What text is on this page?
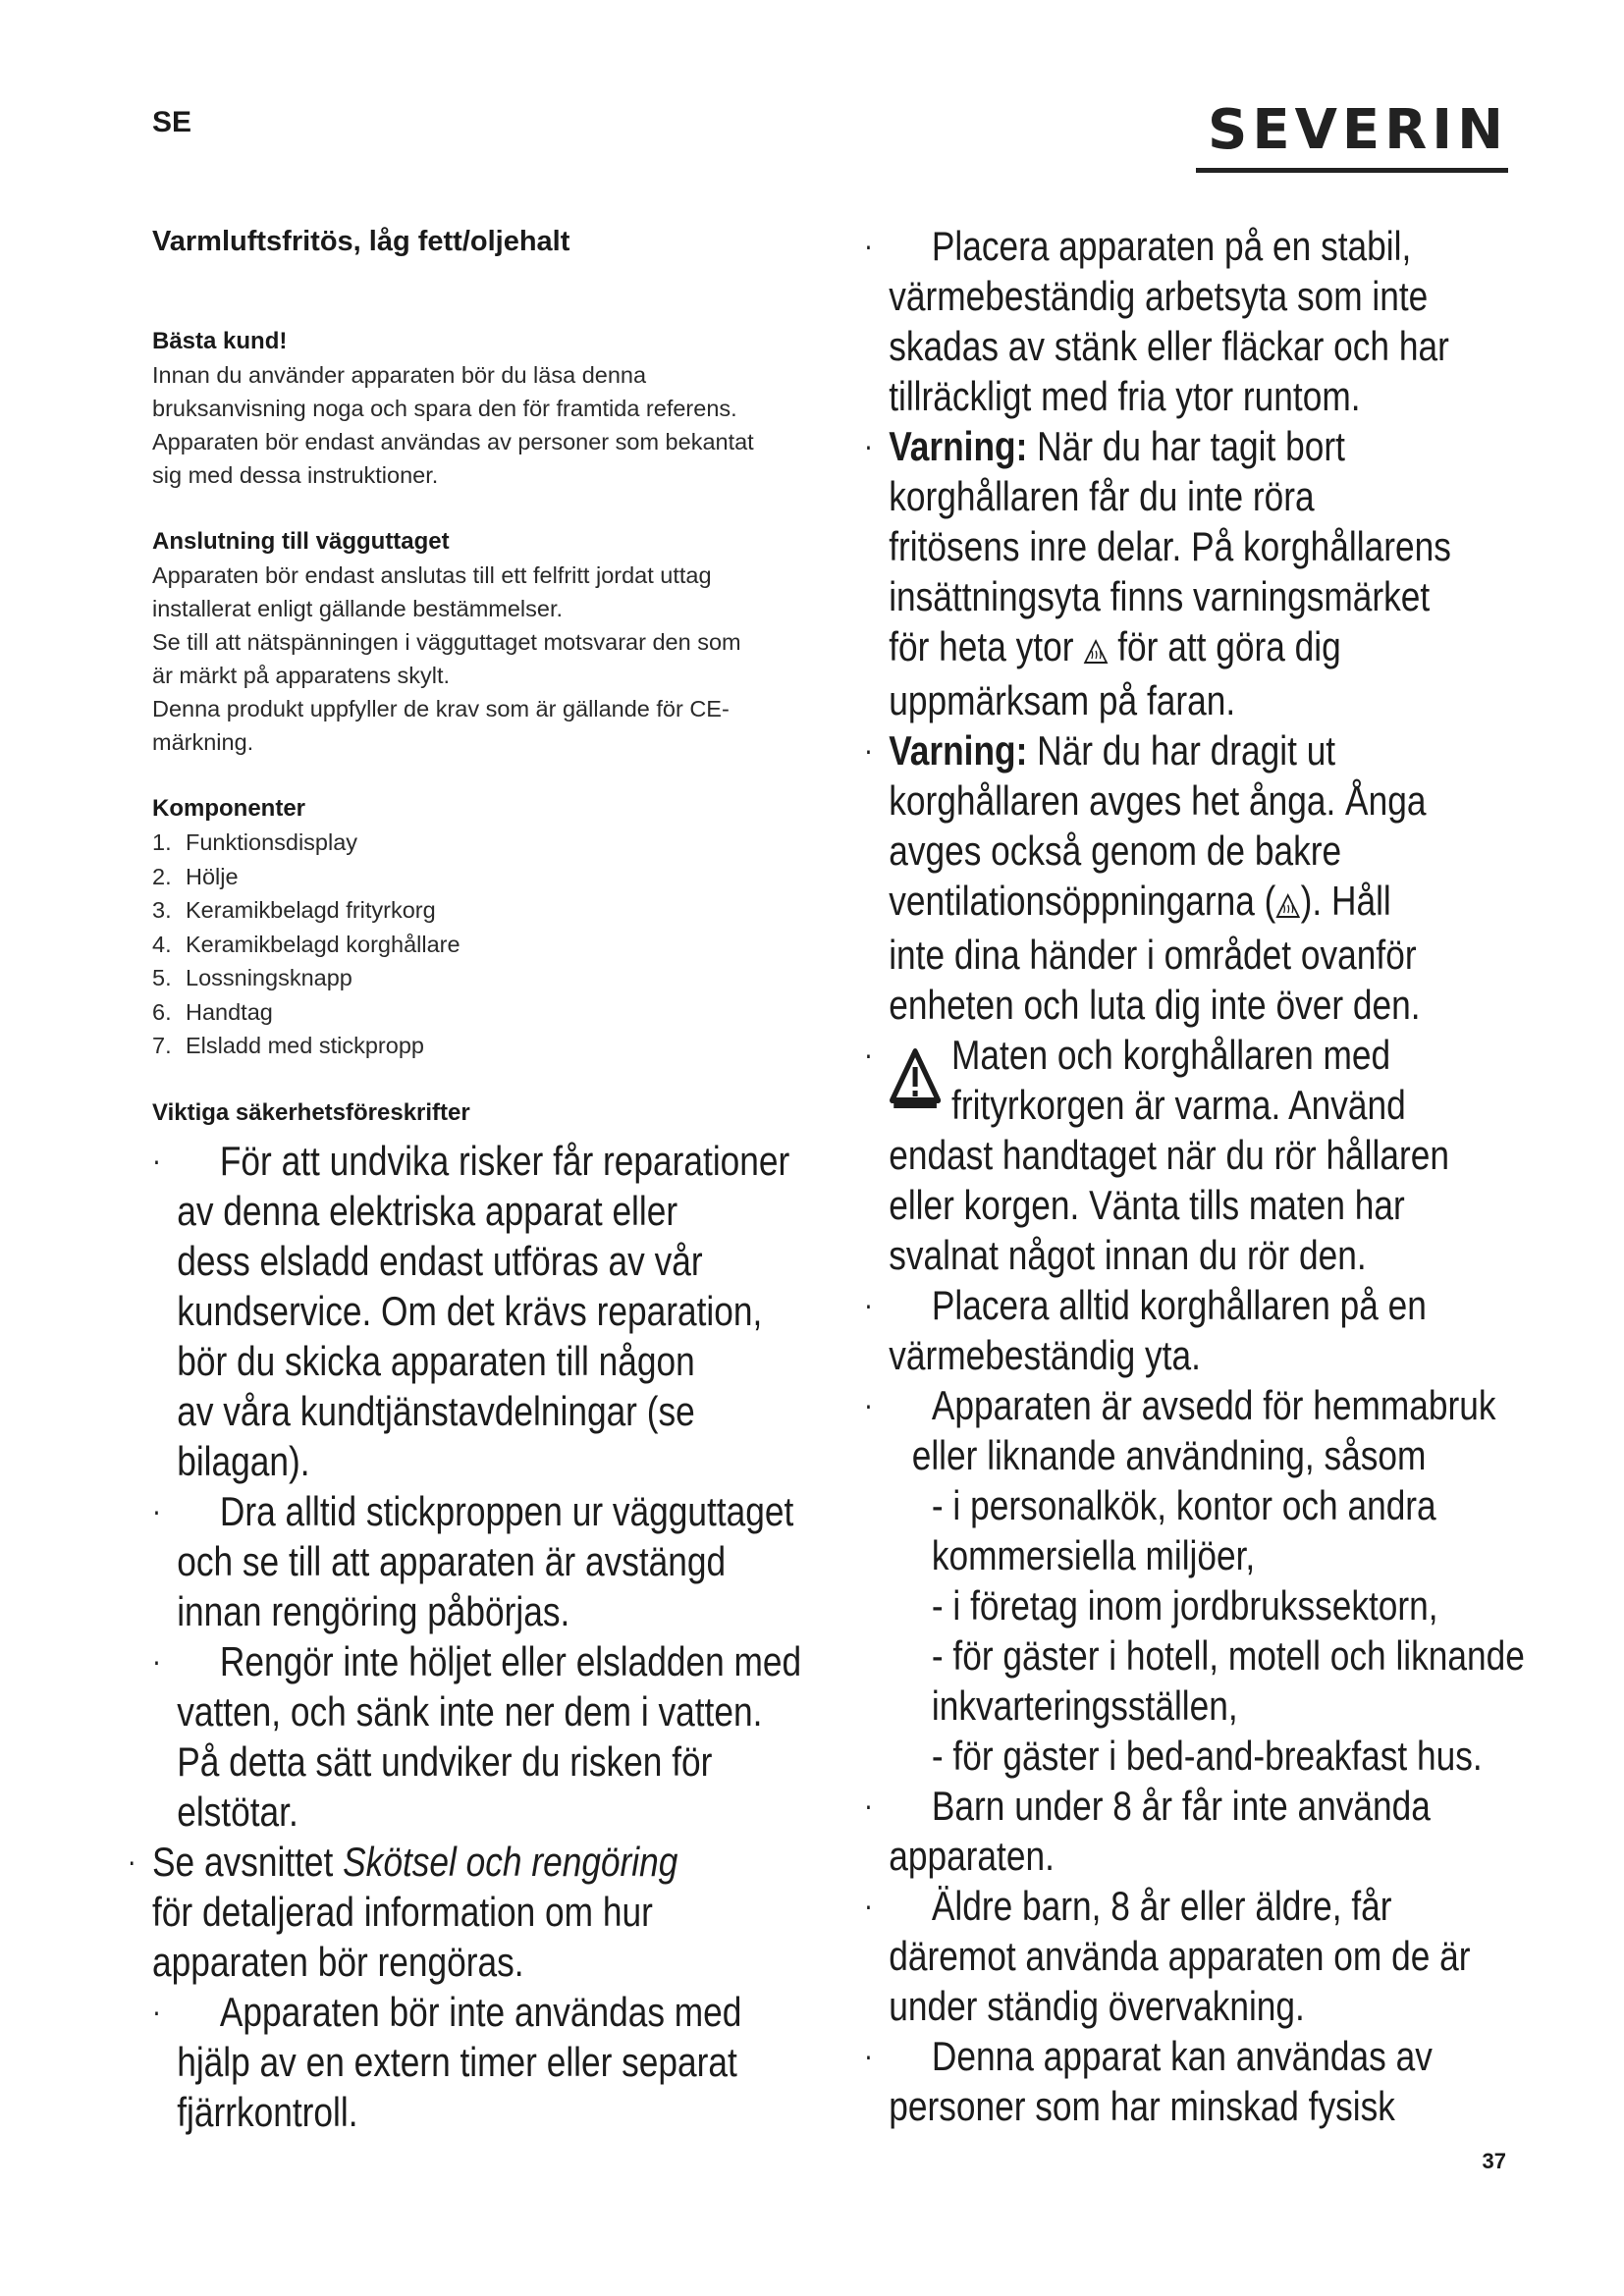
SE	SEVERIN

Varmluftsfritös, låg fett/oljehalt

Bästa kund!

Innan du använder apparaten bör du läsa denna

bruksanvisning noga och spara den för framtida referens.

Apparaten bör endast användas av personer som bekantat

sig med dessa instruktioner.

Anslutning till vägguttaget

Apparaten bör endast anslutas till ett felfritt jordat uttag

installerat enligt gällande bestämmelser.

Se till att nätspänningen i vägguttaget motsvarar den som

är märkt på apparatens skylt.

Denna produkt uppfyller de krav som är gällande för CE-

märkning.

Komponenter

1. Funktionsdisplay
2. Hölje
3. Keramikbelagd frityrkorg
4. Keramikbelagd korghållare
5. Lossningsknapp
6. Handtag
7. Elsladd med stickpropp

Viktiga säkerhetsföreskrifter

·	För att undvika risker får reparationer
av denna elektriska apparat eller
dess elsladd endast utföras av vår
kundservice. Om det krävs reparation,
bör du skicka apparaten till någon
av våra kundtjänstavdelningar (se
bilagan).
·	Dra alltid stickproppen ur vägguttaget
och se till att apparaten är avstängd
innan rengöring påbörjas.
·	Rengör inte höljet eller elsladden med
vatten, och sänk inte ner dem i vatten.
På detta sätt undviker du risken för
elstötar.
· Se avsnittet Skötsel och rengöring
för detaljerad information om hur
apparaten bör rengöras.
·	Apparaten bör inte användas med
hjälp av en extern timer eller separat
fjärrkontroll.
·	Placera apparaten på en stabil,
värmebeständig arbetsyta som inte
skadas av stänk eller fläckar och har
tillräckligt med fria ytor runtom.
· Varning: När du har tagit bort
korghållaren får du inte röra
fritösens inre delar. På korghållarens
insättningsyta finns varningsmärket
för heta ytor  för att göra dig
uppmärksam på faran.
· Varning: När du har dragit ut
korghållaren avges het ånga. Ånga
avges också genom de bakre
ventilationsöppningarna ( ). Håll
inte dina händer i området ovanför
enheten och luta dig inte över den.
· Maten och korghållaren med
frityrkorgen är varma. Använd
endast handtaget när du rör hållaren
eller korgen. Vänta tills maten har
svalnat något innan du rör den.
·	Placera alltid korghållaren på en
värmebeständig yta.
·	Apparaten är avsedd för hemmabruk
eller liknande användning, såsom
- i personalkök, kontor och andra
kommersiella miljöer,
- i företag inom jordbrukssektorn,
- för gäster i hotell, motell och liknande
inkvarteringsställen,
- för gäster i bed-and-breakfast hus.
·	Barn under 8 år får inte använda
apparaten.
·	Äldre barn, 8 år eller äldre, får
däremot använda apparaten om de är
under ständig övervakning.
·	Denna apparat kan användas av
personer som har minskad fysisk
37
